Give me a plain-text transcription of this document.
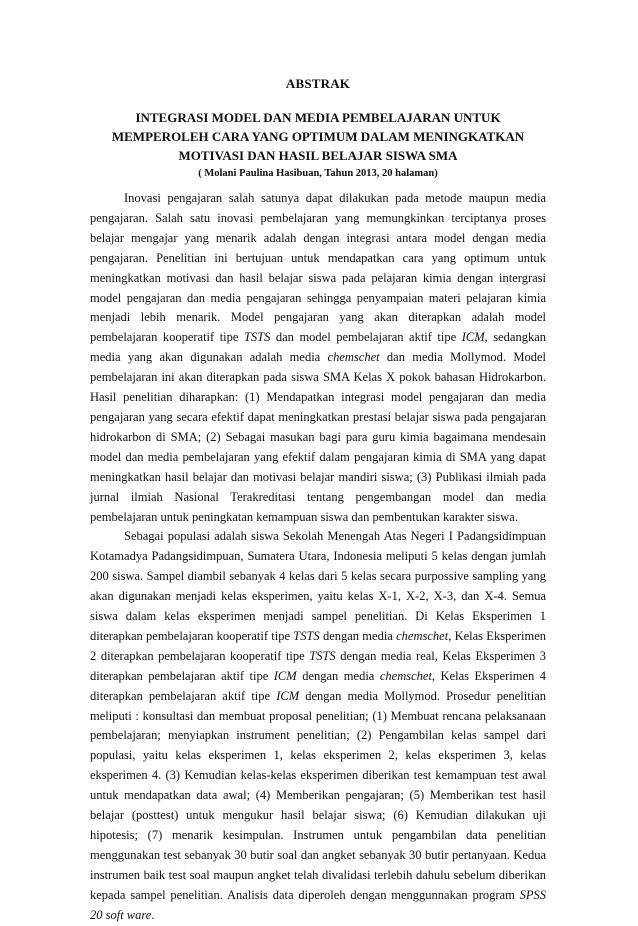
ABSTRAK
INTEGRASI MODEL DAN MEDIA PEMBELAJARAN UNTUK
MEMPEROLEH CARA YANG OPTIMUM DALAM MENINGKATKAN
MOTIVASI DAN HASIL BELAJAR SISWA SMA
( Molani Paulina Hasibuan, Tahun 2013, 20 halaman)

Inovasi pengajaran salah satunya dapat dilakukan pada metode maupun media pengajaran. Salah satu inovasi pembelajaran yang memungkinkan terciptanya proses belajar mengajar yang menarik adalah dengan integrasi antara model dengan media pengajaran. Penelitian ini bertujuan untuk mendapatkan cara yang optimum untuk meningkatkan motivasi dan hasil belajar siswa pada pelajaran kimia dengan intergrasi model pengajaran dan media pengajaran sehingga penyampaian materi pelajaran kimia menjadi lebih menarik. Model pengajaran yang akan diterapkan adalah model pembelajaran kooperatif tipe TSTS dan model pembelajaran aktif tipe ICM, sedangkan media yang akan digunakan adalah media chemschet dan media Mollymod. Model pembelajaran ini akan diterapkan pada siswa SMA Kelas X pokok bahasan Hidrokarbon. Hasil penelitian diharapkan: (1) Mendapatkan integrasi model pengajaran dan media pengajaran yang secara efektif dapat meningkatkan prestasi belajar siswa pada pengajaran hidrokarbon di SMA; (2) Sebagai masukan bagi para guru kimia bagaimana mendesain model dan media pembelajaran yang efektif dalam pengajaran kimia di SMA yang dapat meningkatkan hasil belajar dan motivasi belajar mandiri siswa; (3) Publikasi ilmiah pada jurnal ilmiah Nasional Terakreditasi tentang pengembangan model dan media pembelajaran untuk peningkatan kemampuan siswa dan pembentukan karakter siswa.

Sebagai populasi adalah siswa Sekolah Menengah Atas Negeri I Padangsidimpuan Kotamadya Padangsidimpuan, Sumatera Utara, Indonesia meliputi 5 kelas dengan jumlah 200 siswa. Sampel diambil sebanyak 4 kelas dari 5 kelas secara purpossive sampling yang akan digunakan menjadi kelas eksperimen, yaitu kelas X-1, X-2, X-3, dan X-4. Semua siswa dalam kelas eksperimen menjadi sampel penelitian. Di Kelas Eksperimen 1 diterapkan pembelajaran kooperatif tipe TSTS dengan media chemschet, Kelas Eksperimen 2 diterapkan pembelajaran kooperatif tipe TSTS dengan media real, Kelas Eksperimen 3 diterapkan pembelajaran aktif tipe ICM dengan media chemschet, Kelas Eksperimen 4 diterapkan pembelajaran aktif tipe ICM dengan media Mollymod. Prosedur penelitian meliputi : konsultasi dan membuat proposal penelitian; (1) Membuat rencana pelaksanaan pembelajaran; menyiapkan instrument penelitian; (2) Pengambilan kelas sampel dari populasi, yaitu kelas eksperimen 1, kelas eksperimen 2, kelas eksperimen 3, kelas eksperimen 4. (3) Kemudian kelas-kelas eksperimen diberikan test kemampuan test awal untuk mendapatkan data awal; (4) Memberikan pengajaran; (5) Memberikan test hasil belajar (posttest) untuk mengukur hasil belajar siswa; (6) Kemudian dilakukan uji hipotesis; (7) menarik kesimpulan. Instrumen untuk pengambilan data penelitian menggunakan test sebanyak 30 butir soal dan angket sebanyak 30 butir pertanyaan. Kedua instrumen baik test soal maupun angket telah divalidasi terlebih dahulu sebelum diberikan kepada sampel penelitian. Analisis data diperoleh dengan menggunnakan program SPSS 20 soft ware.
